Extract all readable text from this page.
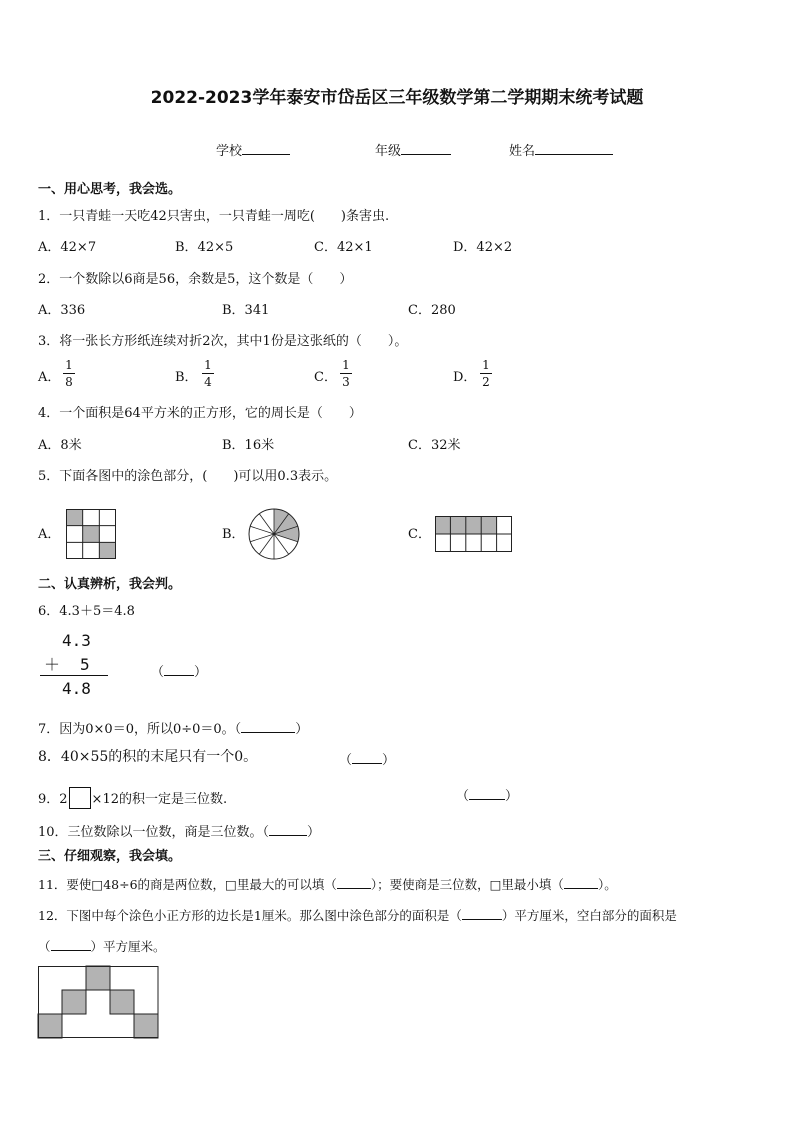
2022-2023学年泰安市岱岳区三年级数学第二学期期末统考试题
学校	年级	姓名
一、用心思考，我会选。
1．一只青蛙一天吃42只害虫，一只青蛙一周吃(　　)条害虫.
A．42×7	B．42×5	C．42×1	D．42×2
2．一个数除以6商是56，余数是5，这个数是（　　）
A．336	B．341	C．280
3．将一张长方形纸连续对折2次，其中1份是这张纸的（　　）。
A．
1
8	B．
1
4	C．
1
3	D．
1
2
4．一个面积是64平方米的正方形，它的周长是（　　）
A．8米	B．16米	C．32米
5．下面各图中的涂色部分，(　　)可以用0.3表示。
A．	B．	C．
二、认真辨析，我会判。
6．4.3＋5＝4.8
4.3
＋ 5
4.8
（ ）
7．因为0×0＝0，所以0÷0＝0。（	）
8．40×55的积的末尾只有一个0。	（ ）
9．2 ×12的积一定是三位数.	（	）
10．三位数除以一位数，商是三位数。（	）
三、仔细观察，我会填。
11．要使□48÷6的商是两位数，□里最大的可以填（	）；要使商是三位数，□里最小填（	）。
12．下图中每个涂色小正方形的边长是1厘米。那么图中涂色部分的面积是（	）平方厘米，空白部分的面积是
（	）平方厘米。
